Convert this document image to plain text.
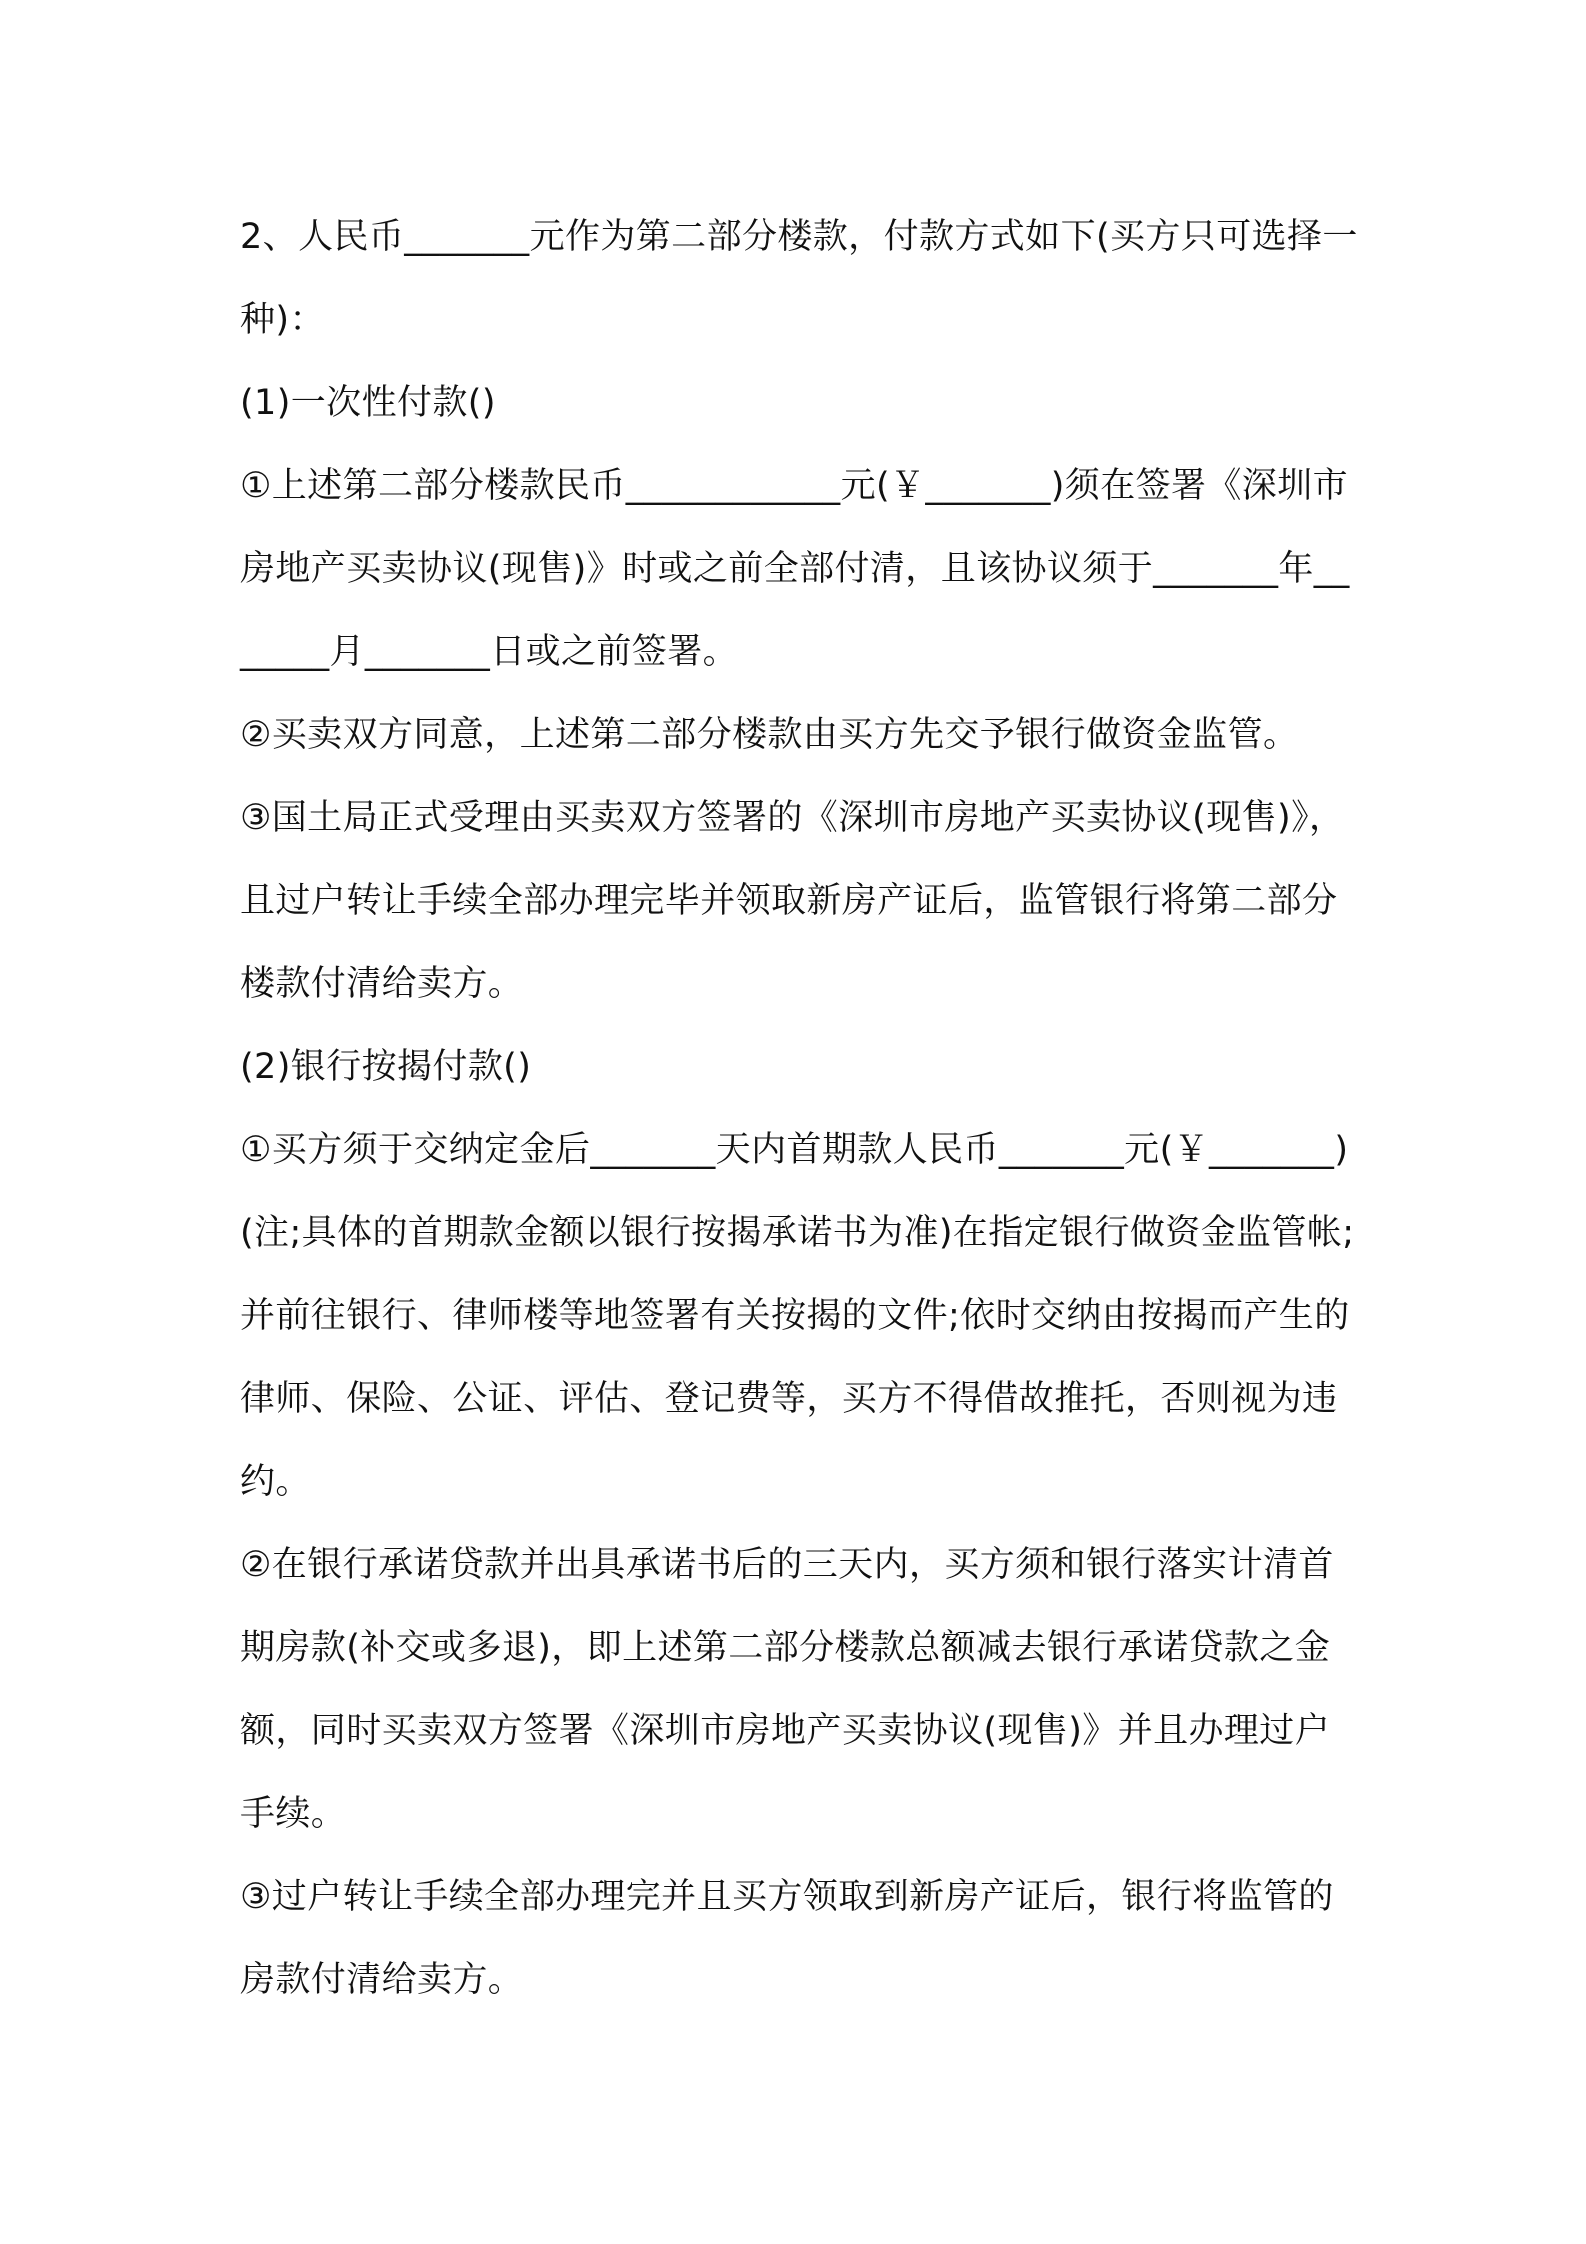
2、人民币_______元作为第二部分楼款，付款方式如下(买方只可选择一种)：

(1)一次性付款()

①上述第二部分楼款民币____________元(￥_______)须在签署《深圳市房地产买卖协议(现售)》时或之前全部付清，且该协议须于_______年_______月_______日或之前签署。

②买卖双方同意，上述第二部分楼款由买方先交予银行做资金监管。

③国土局正式受理由买卖双方签署的《深圳市房地产买卖协议(现售)》，且过户转让手续全部办理完毕并领取新房产证后，监管银行将第二部分楼款付清给卖方。

(2)银行按揭付款()

①买方须于交纳定金后_______天内首期款人民币_______元(￥_______)(注;具体的首期款金额以银行按揭承诺书为准)在指定银行做资金监管帐;并前往银行、律师楼等地签署有关按揭的文件;依时交纳由按揭而产生的律师、保险、公证、评估、登记费等，买方不得借故推托，否则视为违约。

②在银行承诺贷款并出具承诺书后的三天内，买方须和银行落实计清首期房款(补交或多退)，即上述第二部分楼款总额减去银行承诺贷款之金额，同时买卖双方签署《深圳市房地产买卖协议(现售)》并且办理过户手续。

③过户转让手续全部办理完并且买方领取到新房产证后，银行将监管的房款付清给卖方。
